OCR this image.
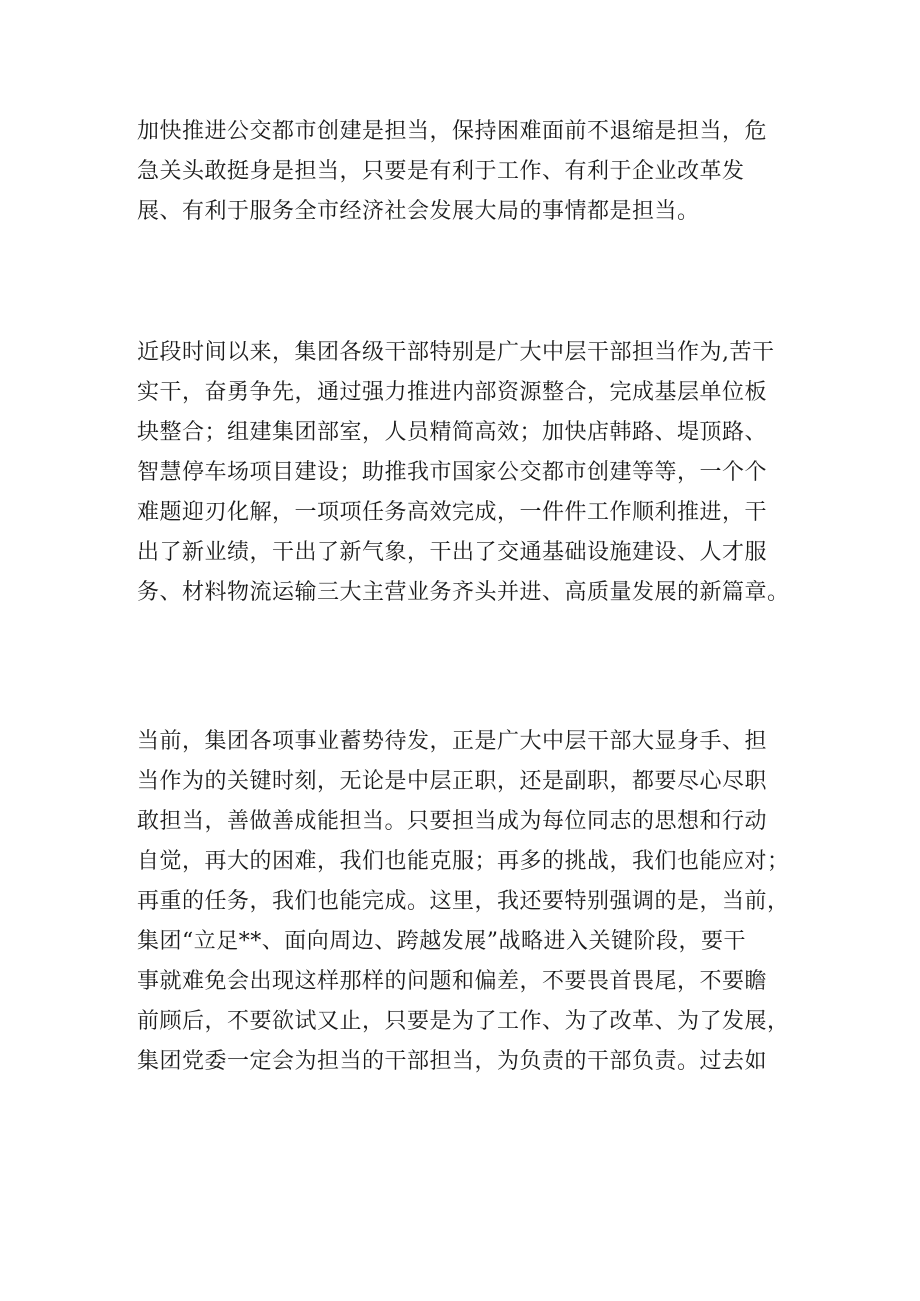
加快推进公交都市创建是担当，保持困难面前不退缩是担当，危
急关头敢挺身是担当，只要是有利于工作、有利于企业改革发
展、有利于服务全市经济社会发展大局的事情都是担当。
近段时间以来，集团各级干部特别是广大中层干部担当作为,苦干
实干，奋勇争先，通过强力推进内部资源整合，完成基层单位板
块整合；组建集团部室，人员精简高效；加快店韩路、堤顶路、
智慧停车场项目建设；助推我市国家公交都市创建等等，一个个
难题迎刃化解，一项项任务高效完成，一件件工作顺利推进，干
出了新业绩，干出了新气象，干出了交通基础设施建设、人才服
务、材料物流运输三大主营业务齐头并进、高质量发展的新篇章。
当前，集团各项事业蓄势待发，正是广大中层干部大显身手、担
当作为的关键时刻，无论是中层正职，还是副职，都要尽心尽职
敢担当，善做善成能担当。只要担当成为每位同志的思想和行动
自觉，再大的困难，我们也能克服；再多的挑战，我们也能应对；
再重的任务，我们也能完成。这里，我还要特别强调的是，当前，
集团“立足**、面向周边、跨越发展”战略进入关键阶段，要干
事就难免会出现这样那样的问题和偏差，不要畏首畏尾，不要瞻
前顾后，不要欲试又止，只要是为了工作、为了改革、为了发展，
集团党委一定会为担当的干部担当，为负责的干部负责。过去如
